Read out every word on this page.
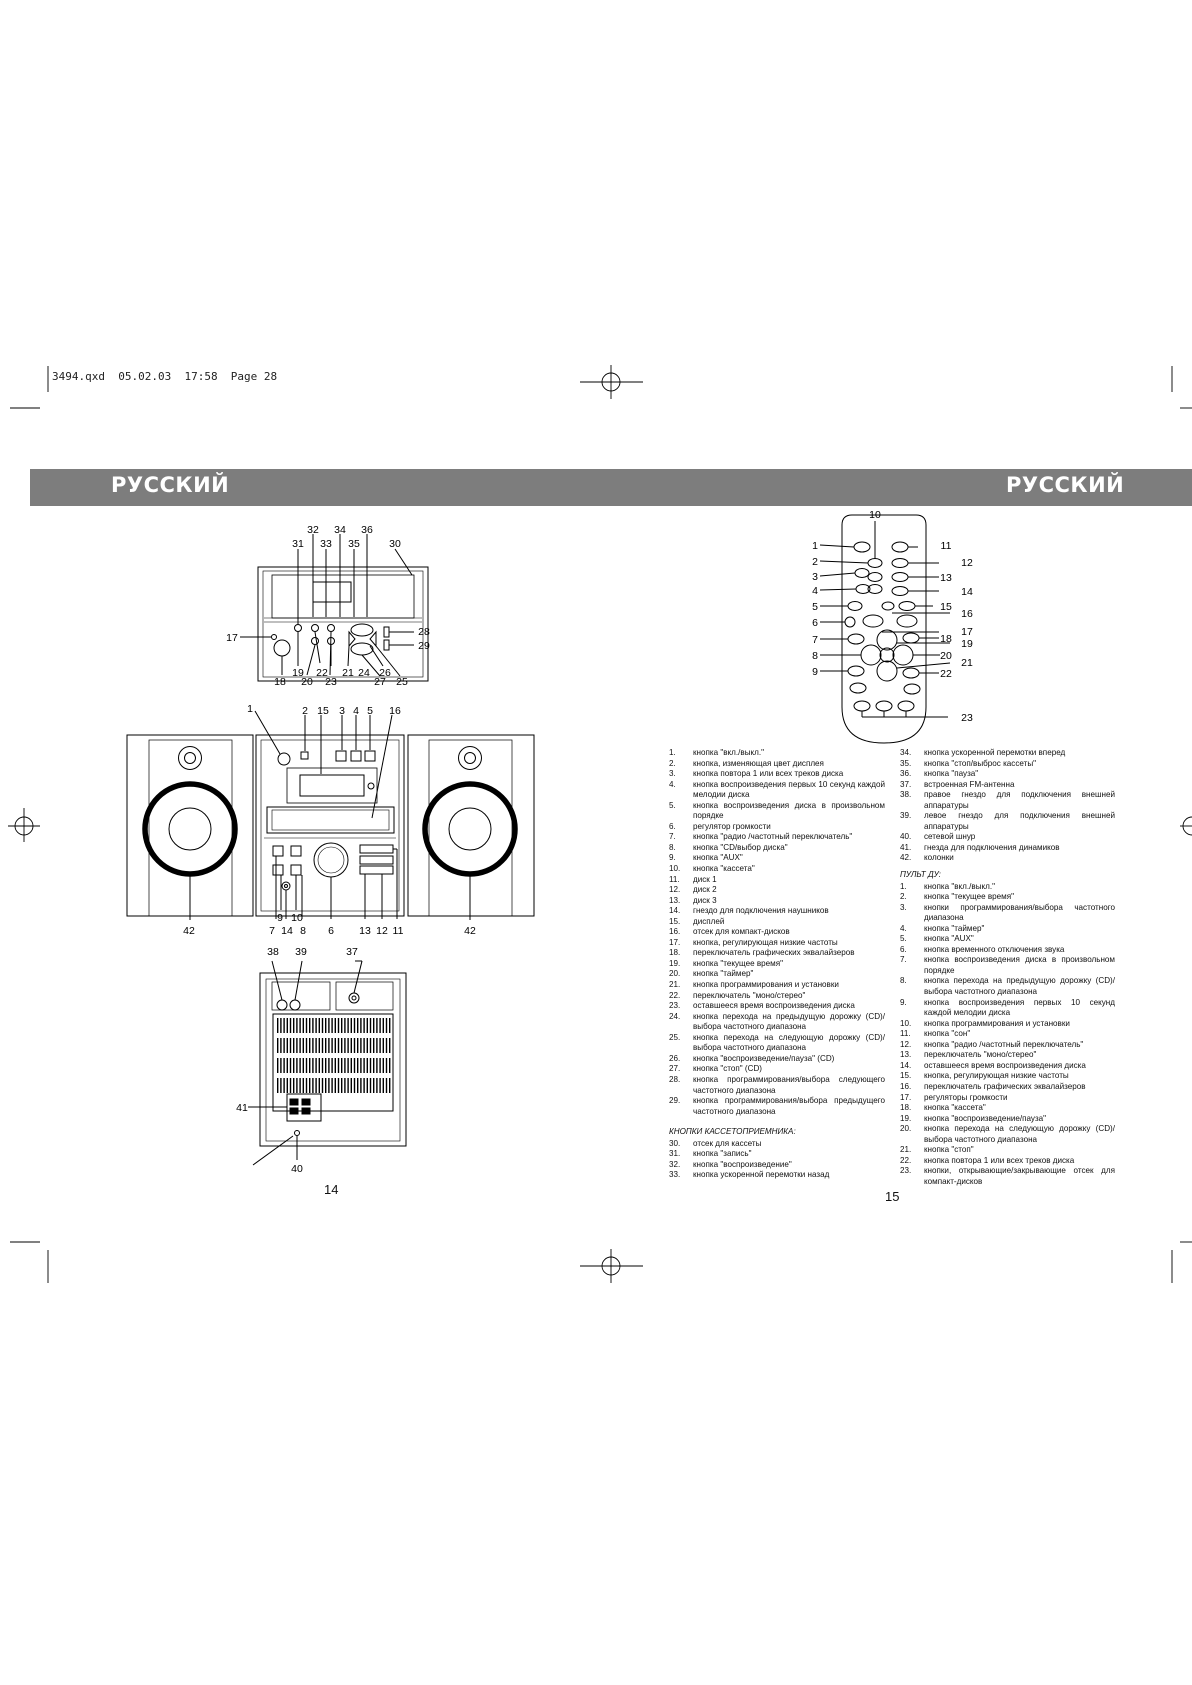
3494.qxd  05.02.03  17:58  Page 28
РУССКИЙ	РУССКИЙ
31
32
33
34
35
36
30
17
18
19
20
22
23
21 24 26
27 25
28
29
1	2 15 3 4 5 16
42	42
7
9
14
10
8 6 13 12 11
38 39	37
41
40
14
10
1	11
2	12
3	13
4	14
5	15
16
6
17
7	18 19
8	20
21
9	22
23
1.	кнопка "вкл./выкл."
2.	кнопка, изменяющая цвет дисплея
3.	кнопка повтора 1 или всех треков диска
4.	кнопка воспроизведения первых 10 секунд каждой мелодии диска
5.	кнопка воспроизведения диска в произвольном порядке
6.	регулятор громкости
7.	кнопка "радио /частотный переключатель"
8.	кнопка "CD/выбор диска"
9.	кнопка "AUX"
10.	кнопка "кассета"
11.	диск 1
12.	диск 2
13.	диск 3
14.	гнездо для подключения наушников
15.	дисплей
16.	отсек для компакт-дисков
17.	кнопка, регулирующая низкие частоты
18.	переключатель графических эквалайзеров
19.	кнопка "текущее время"
20.	кнопка "таймер"
21.	кнопка программирования и установки
22.	переключатель "моно/стерео"
23.	оставшееся время воспроизведения диска
24.	кнопка перехода на предыдущую дорожку (CD)/ выбора частотного диапазона
25.	кнопка перехода на следующую дорожку (CD)/ выбора частотного диапазона
26.	кнопка "воспроизведение/пауза" (CD)
27.	кнопка "стоп" (CD)
28.	кнопка программирования/выбора следующего частотного диапазона
29.	кнопка программирования/выбора предыдущего частотного диапазона
КНОПКИ КАССЕТОПРИЕМНИКА:
30.	отсек для кассеты
31.	кнопка "запись"
32.	кнопка "воспроизведение"
33.	кнопка ускоренной перемотки назад
34.	кнопка ускоренной перемотки вперед
35.	кнопка "стоп/выброс кассеты"
36.	кнопка "пауза"
37.	встроенная FM-антенна
38.	правое гнездо для подключения внешней аппаратуры
39.	левое гнездо для подключения внешней аппаратуры
40.	сетевой шнур
41.	гнезда для подключения динамиков
42.	колонки
ПУЛЬТ ДУ:
1.	кнопка "вкл./выкл."
2.	кнопка "текущее время"
3.	кнопки программирования/выбора частотного диапазона
4.	кнопка "таймер"
5.	кнопка "AUX"
6.	кнопка временного отключения звука
7.	кнопка воспроизведения диска в произвольном порядке
8.	кнопка перехода на предыдущую дорожку (CD)/ выбора частотного диапазона
9.	кнопка воспроизведения первых 10 секунд каждой мелодии диска
10.	кнопка программирования и установки
11.	кнопка "сон"
12.	кнопка "радио /частотный переключатель"
13.	переключатель "моно/стерео"
14.	оставшееся время воспроизведения диска
15.	кнопка, регулирующая низкие частоты
16.	переключатель графических эквалайзеров
17.	регуляторы громкости
18.	кнопка "кассета"
19.	кнопка "воспроизведение/пауза"
20.	кнопка перехода на следующую дорожку (CD)/ выбора частотного диапазона
21.	кнопка "стоп"
22.	кнопка повтора 1 или всех треков диска
23.	кнопки, открывающие/закрывающие отсек для компакт-дисков
15
